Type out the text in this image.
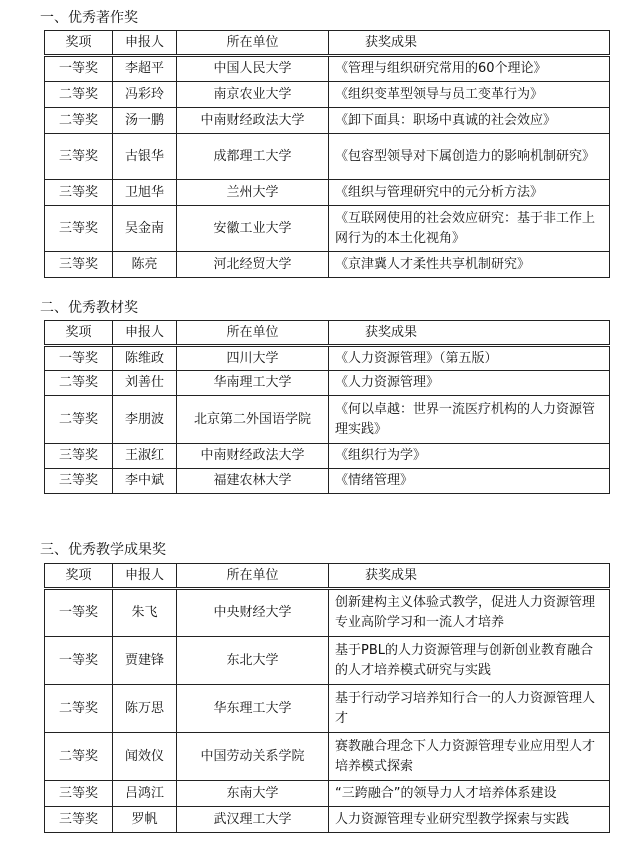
一、优秀著作奖
奖项	申报人	所在单位	获奖成果
一等奖	李超平	中国人民大学	《管理与组织研究常用的60个理论》
二等奖	冯彩玲	南京农业大学	《组织变革型领导与员工变革行为》
二等奖	汤一鹏	中南财经政法大学	《卸下面具：职场中真诚的社会效应》
三等奖	古银华	成都理工大学	《包容型领导对下属创造力的影响机制研究》
三等奖	卫旭华	兰州大学	《组织与管理研究中的元分析方法》
三等奖	吴金南	安徽工业大学	《互联网使用的社会效应研究：基于非工作上网行为的本土化视角》
三等奖	陈亮	河北经贸大学	《京津冀人才柔性共享机制研究》
二、优秀教材奖
奖项	申报人	所在单位	获奖成果
一等奖	陈维政	四川大学	《人力资源管理》（第五版）
二等奖	刘善仕	华南理工大学	《人力资源管理》
二等奖	李朋波	北京第二外国语学院	《何以卓越：世界一流医疗机构的人力资源管理实践》
三等奖	王淑红	中南财经政法大学	《组织行为学》
三等奖	李中斌	福建农林大学	《情绪管理》
三、优秀教学成果奖
奖项	申报人	所在单位	获奖成果
一等奖	朱飞	中央财经大学	创新建构主义体验式教学，促进人力资源管理专业高阶学习和一流人才培养
一等奖	贾建锋	东北大学	基于PBL的人力资源管理与创新创业教育融合的人才培养模式研究与实践
二等奖	陈万思	华东理工大学	基于行动学习培养知行合一的人力资源管理人才
二等奖	闻效仪	中国劳动关系学院	赛教融合理念下人力资源管理专业应用型人才培养模式探索
三等奖	吕鸿江	东南大学	“三跨融合”的领导力人才培养体系建设
三等奖	罗帆	武汉理工大学	人力资源管理专业研究型教学探索与实践
